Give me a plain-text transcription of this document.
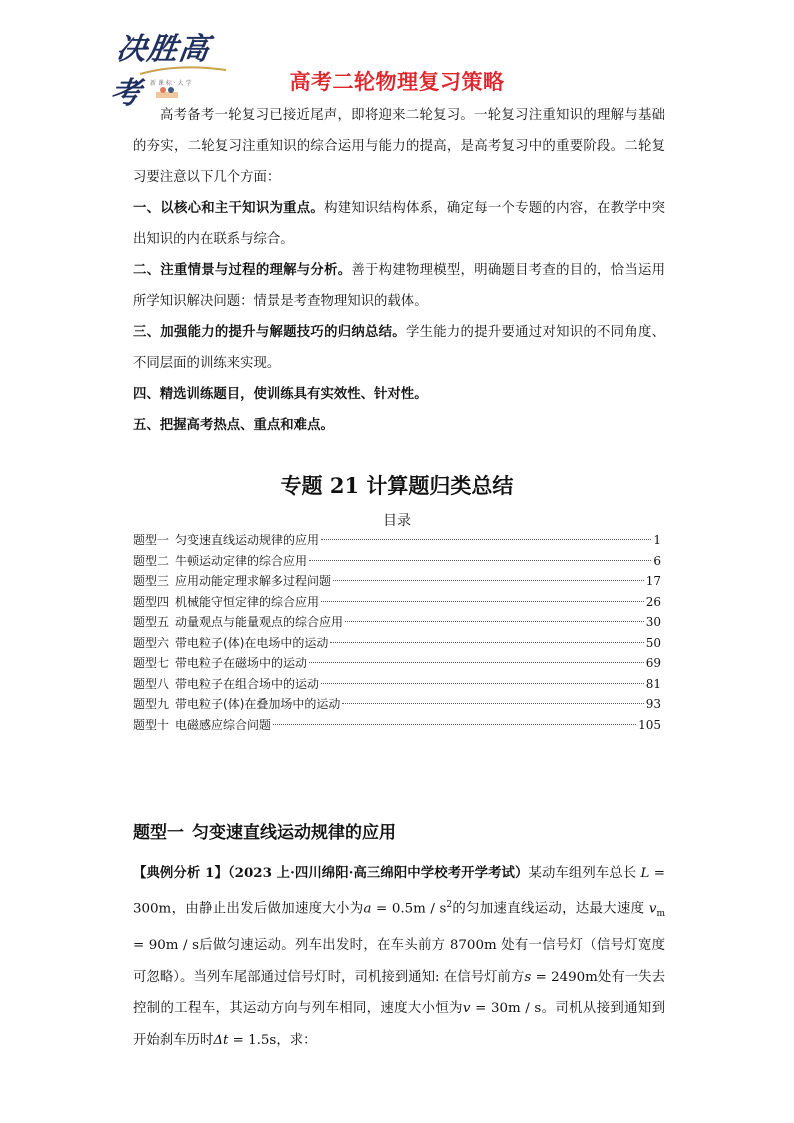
决胜高考	新 课 标 · 大 学	高考二轮物理复习策略
高考备考一轮复习已接近尾声，即将迎来二轮复习。一轮复习注重知识的理解与基础的夯实，二轮复习注重知识的综合运用与能力的提高，是高考复习中的重要阶段。二轮复习要注意以下几个方面：
一、以核心和主干知识为重点。构建知识结构体系，确定每一个专题的内容，在教学中突出知识的内在联系与综合。
二、注重情景与过程的理解与分析。善于构建物理模型，明确题目考查的目的，恰当运用所学知识解决问题：情景是考查物理知识的载体。
三、加强能力的提升与解题技巧的归纳总结。学生能力的提升要通过对知识的不同角度、不同层面的训练来实现。
四、精选训练题目，使训练具有实效性、针对性。
五、把握高考热点、重点和难点。
专题 21 计算题归类总结
目录
题型一 匀变速直线运动规律的应用	1
题型二 牛顿运动定律的综合应用	6
题型三 应用动能定理求解多过程问题	17
题型四 机械能守恒定律的综合应用	26
题型五 动量观点与能量观点的综合应用	30
题型六 带电粒子(体)在电场中的运动	50
题型七 带电粒子在磁场中的运动	69
题型八 带电粒子在组合场中的运动	81
题型九 带电粒子(体)在叠加场中的运动	93
题型十 电磁感应综合问题	105
题型一 匀变速直线运动规律的应用
【典例分析 1】（2023 上·四川绵阳·高三绵阳中学校考开学考试）某动车组列车总长 L = 300m，由静止出发后做加速度大小为$a = 0.5m / s^2$的匀加速直线运动，达最大速度 $v_m = 90m / s$后做匀速运动。列车出发时，在车头前方 8700m 处有一信号灯（信号灯宽度可忽略）。当列车尾部通过信号灯时，司机接到通知: 在信号灯前方s = 2490m处有一失去控制的工程车，其运动方向与列车相同，速度大小恒为v = 30m / s。司机从接到通知到开始刹车历时Δt = 1.5s，求：
